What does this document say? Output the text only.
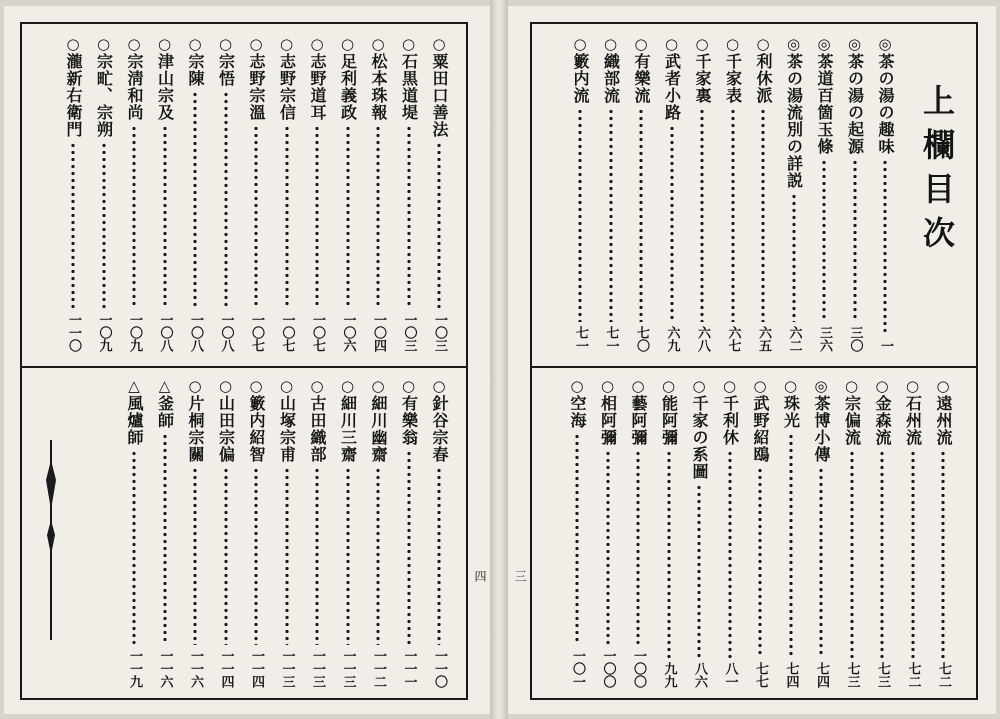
上欄目次
四 三
◎
茶の湯の趣味
一
◎
茶の湯の起源
三〇
◎
茶道百箇玉條
三六
◎
茶の湯流別の詳説
六二
○
利休派
六五
○
千家表
六七
○
千家裏
六八
○
武者小路
六九
○
有樂流
七〇
○
織部流
七一
○
籔内流
七一
○
遠州流
七二
○
石州流
七二
○
金森流
七三
○
宗偏流
七三
◎
茶博小傳
七四
○
珠光
七四
○
武野紹鴎
七七
○
千利休
八一
○
千家の系圖
八六
○
能阿彌
九九
○
藝阿彌
一〇〇
○
相阿彌
一〇〇
○
空海
一〇一
○
粟田口善法
一〇三
○
石黒道堤
一〇三
○
松本珠報
一〇四
○
足利義政
一〇六
○
志野道耳
一〇七
○
志野宗信
一〇七
○
志野宗溫
一〇七
○
宗悟
一〇八
○
宗陳
一〇八
○
津山宗及
一〇八
○
宗淸和尚
一〇九
○
宗甿、宗朔
一〇九
○
瀧新右衛門
一一〇
○
針谷宗春
一一〇
○
有樂翁
一一一
○
細川幽齋
一一二
○
細川三齋
一一三
○
古田織部
一一三
○
山塚宗甫
一一三
○
籔内紹智
一一四
○
山田宗偏
一一四
○
片桐宗關
一一六
△
釜師
一一六
△
風爐師
一一九
